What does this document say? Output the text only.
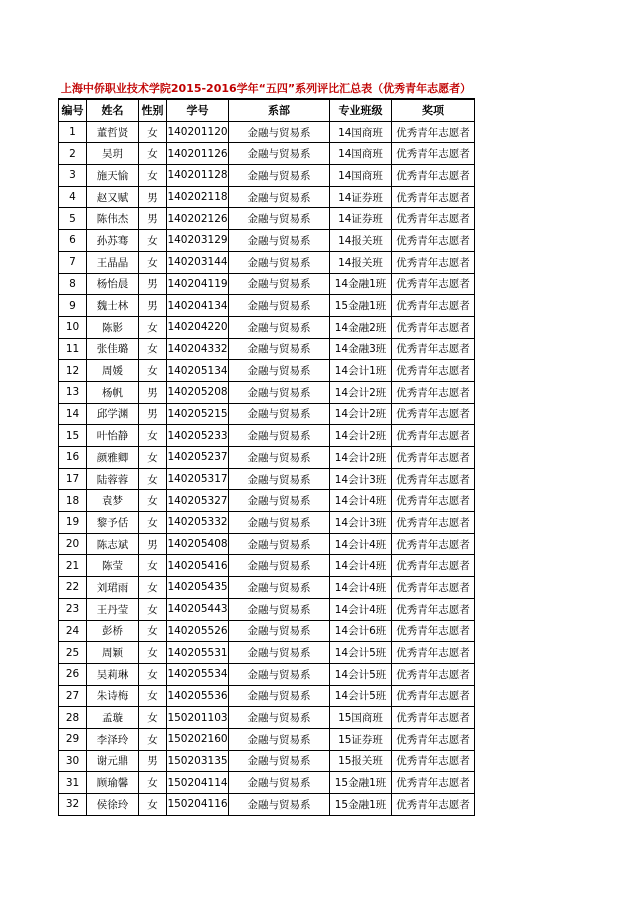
上海中侨职业技术学院2015-2016学年“五四”系列评比汇总表（优秀青年志愿者）
编号	姓名	性别	学号	系部	专业班级	奖项
1	董哲贤	女	140201120	金融与贸易系	14国商班	优秀青年志愿者
2	吴玥	女	140201126	金融与贸易系	14国商班	优秀青年志愿者
3	施天愉	女	140201128	金融与贸易系	14国商班	优秀青年志愿者
4	赵又赋	男	140202118	金融与贸易系	14证券班	优秀青年志愿者
5	陈伟杰	男	140202126	金融与贸易系	14证券班	优秀青年志愿者
6	孙苏骞	女	140203129	金融与贸易系	14报关班	优秀青年志愿者
7	王晶晶	女	140203144	金融与贸易系	14报关班	优秀青年志愿者
8	杨怡晨	男	140204119	金融与贸易系	14金融1班	优秀青年志愿者
9	魏士林	男	140204134	金融与贸易系	15金融1班	优秀青年志愿者
10	陈影	女	140204220	金融与贸易系	14金融2班	优秀青年志愿者
11	张佳璐	女	140204332	金融与贸易系	14金融3班	优秀青年志愿者
12	周媛	女	140205134	金融与贸易系	14会计1班	优秀青年志愿者
13	杨帆	男	140205208	金融与贸易系	14会计2班	优秀青年志愿者
14	邱学渊	男	140205215	金融与贸易系	14会计2班	优秀青年志愿者
15	叶怡静	女	140205233	金融与贸易系	14会计2班	优秀青年志愿者
16	颜雅卿	女	140205237	金融与贸易系	14会计2班	优秀青年志愿者
17	陆蓉蓉	女	140205317	金融与贸易系	14会计3班	优秀青年志愿者
18	袁梦	女	140205327	金融与贸易系	14会计4班	优秀青年志愿者
19	黎予佸	女	140205332	金融与贸易系	14会计3班	优秀青年志愿者
20	陈志斌	男	140205408	金融与贸易系	14会计4班	优秀青年志愿者
21	陈莹	女	140205416	金融与贸易系	14会计4班	优秀青年志愿者
22	刘珺雨	女	140205435	金融与贸易系	14会计4班	优秀青年志愿者
23	王丹莹	女	140205443	金融与贸易系	14会计4班	优秀青年志愿者
24	彭桥	女	140205526	金融与贸易系	14会计6班	优秀青年志愿者
25	周颖	女	140205531	金融与贸易系	14会计5班	优秀青年志愿者
26	吴莉琳	女	140205534	金融与贸易系	14会计5班	优秀青年志愿者
27	朱诗梅	女	140205536	金融与贸易系	14会计5班	优秀青年志愿者
28	孟璇	女	150201103	金融与贸易系	15国商班	优秀青年志愿者
29	李泽玲	女	150202160	金融与贸易系	15证券班	优秀青年志愿者
30	谢元鼎	男	150203135	金融与贸易系	15报关班	优秀青年志愿者
31	顾瑜馨	女	150204114	金融与贸易系	15金融1班	优秀青年志愿者
32	侯徐玲	女	150204116	金融与贸易系	15金融1班	优秀青年志愿者
